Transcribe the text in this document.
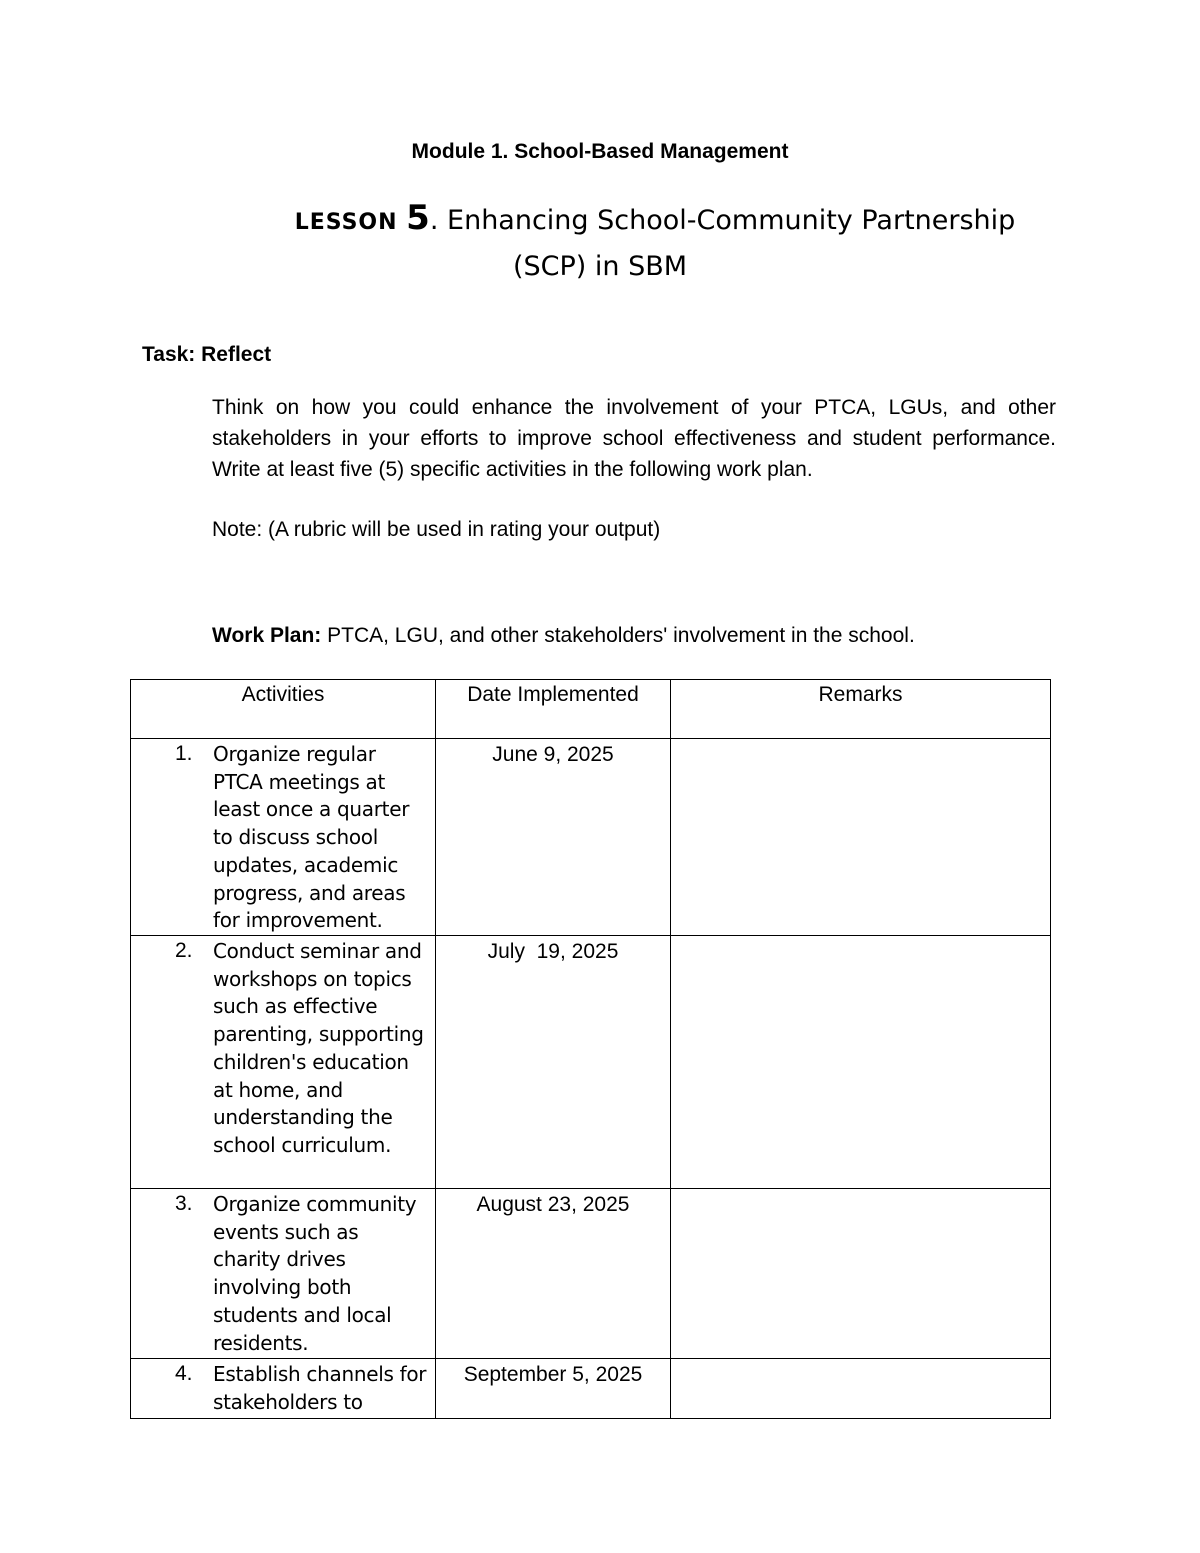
Module 1. School-Based Management
LESSON 5. Enhancing School-Community Partnership
(SCP) in SBM
Task: Reflect
Think on how you could enhance the involvement of your PTCA, LGUs, and other stakeholders in your efforts to improve school effectiveness and student performance. Write at least five (5) specific activities in the following work plan.
Note: (A rubric will be used in rating your output)
Work Plan: PTCA, LGU, and other stakeholders' involvement in the school.
Activities	Date Implemented	Remarks

1. Organize regular PTCA meetings at least once a quarter to discuss school updates, academic progress, and areas for improvement.	June 9, 2025	

2. Conduct seminar and workshops on topics such as effective parenting, supporting children's education at home, and understanding the school curriculum.	July  19, 2025	

3. Organize community events such as charity drives involving both students and local residents.	August 23, 2025	

4. Establish channels for stakeholders to	September 5, 2025	
